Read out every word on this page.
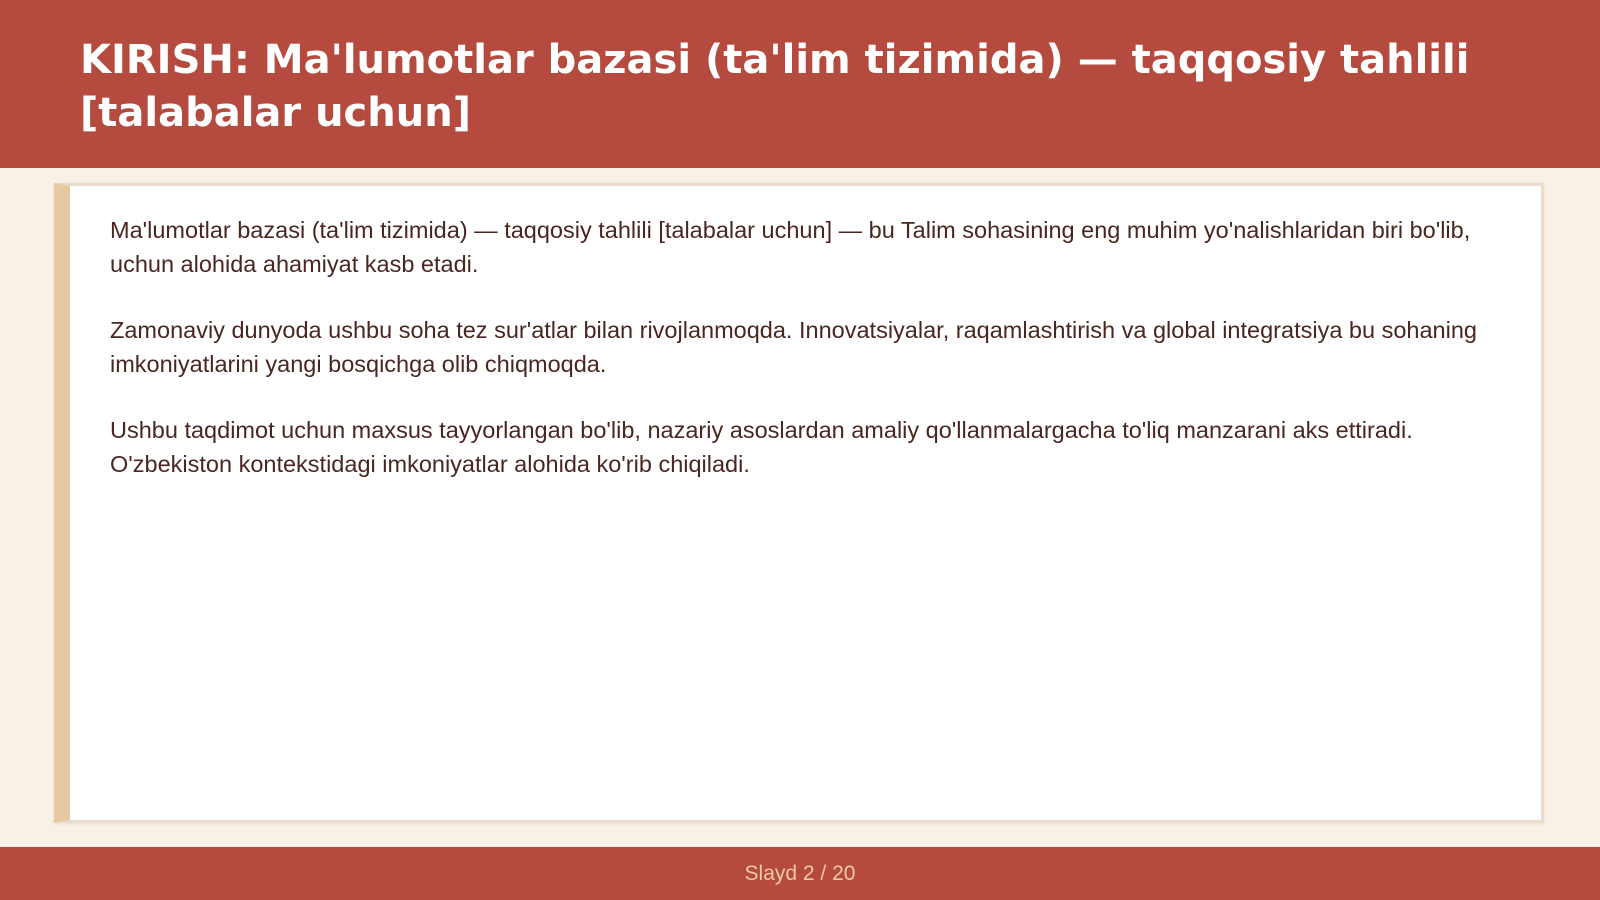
KIRISH: Ma'lumotlar bazasi (ta'lim tizimida) — taqqosiy tahlili [talabalar uchun]

Ma'lumotlar bazasi (ta'lim tizimida) — taqqosiy tahlili [talabalar uchun] — bu Talim sohasining eng muhim yo'nalishlaridan biri bo'lib, uchun alohida ahamiyat kasb etadi.

Zamonaviy dunyoda ushbu soha tez sur'atlar bilan rivojlanmoqda. Innovatsiyalar, raqamlashtirish va global integratsiya bu sohaning imkoniyatlarini yangi bosqichga olib chiqmoqda.

Ushbu taqdimot uchun maxsus tayyorlangan bo'lib, nazariy asoslardan amaliy qo'llanmalargacha to'liq manzarani aks ettiradi. O'zbekiston kontekstidagi imkoniyatlar alohida ko'rib chiqiladi.

Slayd 2 / 20
